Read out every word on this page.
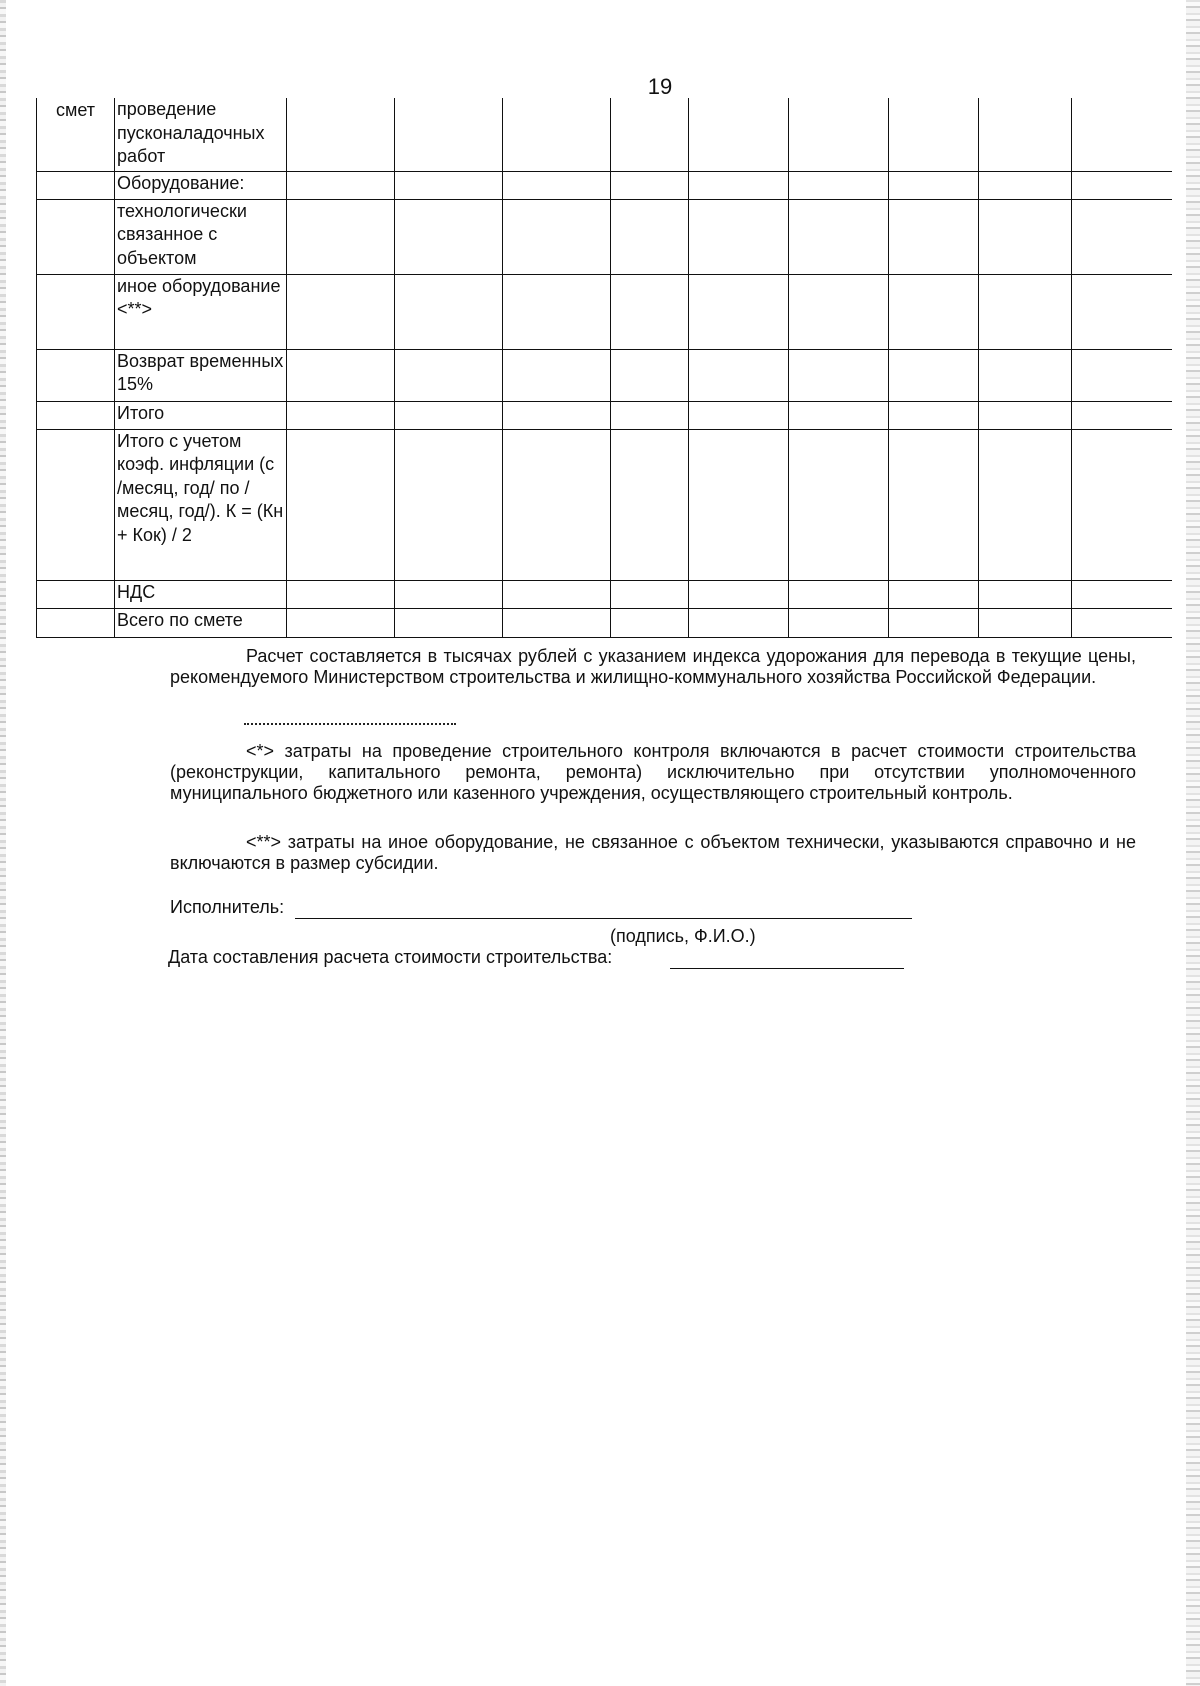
19
смет	проведение пусконаладочных работ									
	Оборудование:									
	технологически связанное с объектом									
	иное оборудование <**>									
	Возврат временных 15%									
	Итого									
	Итого с учетом коэф. инфляции (с /месяц, год/ по /месяц, год/). К = (Кн + Кок) / 2									
	НДС									
	Всего по смете									
Расчет составляется в тысячах рублей с указанием индекса удорожания для перевода в текущие цены, рекомендуемого Министерством строительства и жилищно-коммунального хозяйства Российской Федерации.
<*> затраты на проведение строительного контроля включаются в расчет стоимости строительства (реконструкции, капитального ремонта, ремонта) исключительно при отсутствии уполномоченного муниципального бюджетного или казенного учреждения, осуществляющего строительный контроль.
<**> затраты на иное оборудование, не связанное с объектом технически, указываются справочно и не включаются в размер субсидии.
Исполнитель:
(подпись, Ф.И.О.)
Дата составления расчета стоимости строительства:
